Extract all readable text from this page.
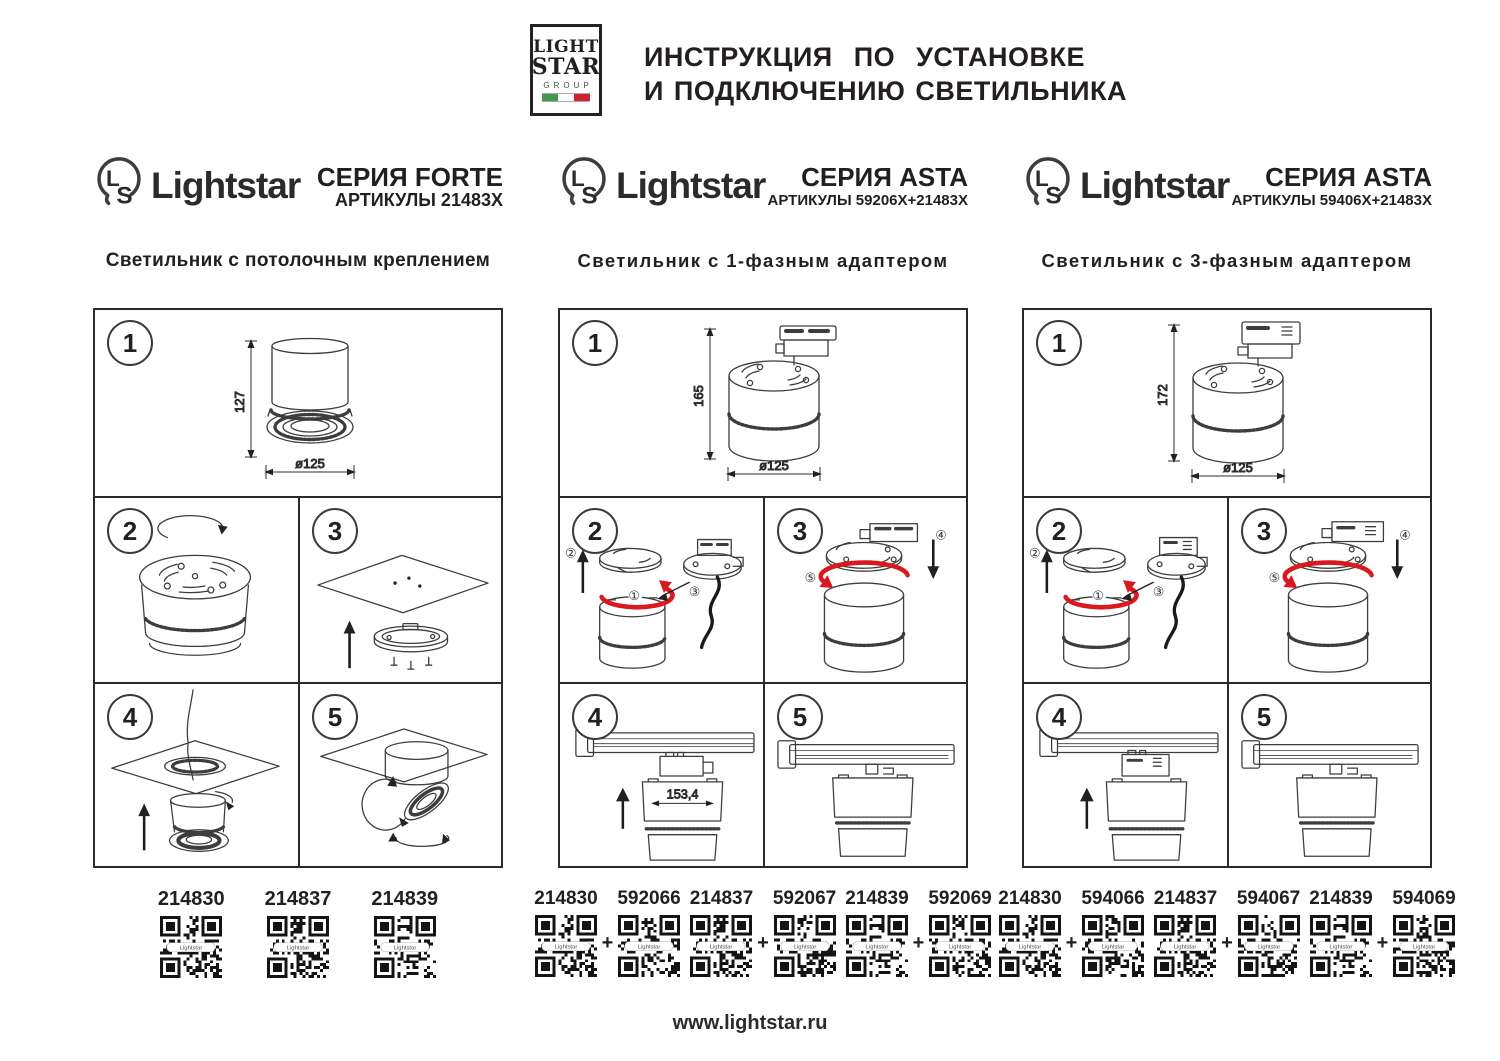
LIGHT
STAR
GROUP
ИНСТРУКЦИЯ ПО УСТАНОВКЕ
И ПОДКЛЮЧЕНИЮ СВЕТИЛЬНИКА
L
S Lightstar СЕРИЯ FORTE
АРТИКУЛЫ 21483X
Светильник с потолочным креплением
1
127
ø125
2	3
4	5
214830
Lightstar
214837
Lightstar
214839
Lightstar
L
S Lightstar	СЕРИЯ ASTA
АРТИКУЛЫ 59206X+21483X
Светильник с 1-фазным адаптером
1
165
ø125
2
①
②
③
3
⑤
④
4
153,4
5
214830
Lightstar +
592066
Lightstar
214837
Lightstar +
592067
Lightstar
214839
Lightstar +
592069
Lightstar
L
S Lightstar	СЕРИЯ ASTA
АРТИКУЛЫ 59406X+21483X
Светильник с 3-фазным адаптером
1
172
ø125
2
①
②
③
3
⑤
④
4	5
214830
Lightstar +
594066
Lightstar
214837
Lightstar +
594067
Lightstar
214839
Lightstar +
594069
Lightstar
www.lightstar.ru
